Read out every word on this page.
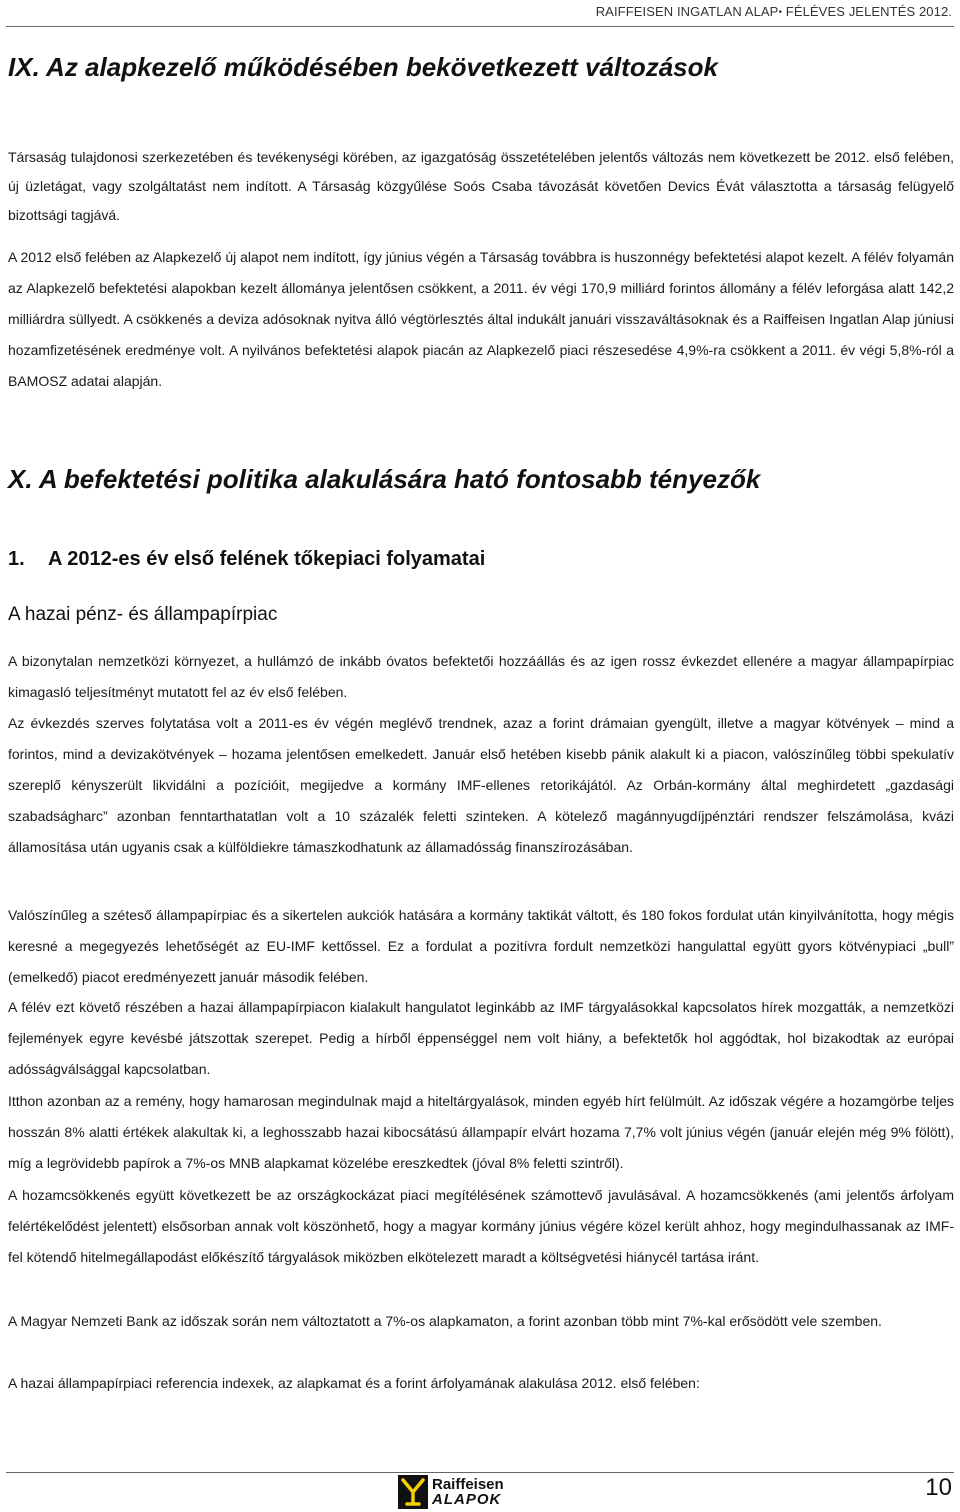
RAIFFEISEN INGATLAN ALAP• FÉLÉVES JELENTÉS 2012.
IX. Az alapkezelő működésében bekövetkezett változások

Társaság tulajdonosi szerkezetében és tevékenységi körében, az igazgatóság összetételében jelentős változás nem következett be 2012. első felében, új üzletágat, vagy szolgáltatást nem indított. A Társaság közgyűlése Soós Csaba távozását követően Devics Évát választotta a társaság felügyelő bizottsági tagjává.

A 2012 első felében az Alapkezelő új alapot nem indított, így június végén a Társaság továbbra is huszonnégy befektetési alapot kezelt. A félév folyamán az Alapkezelő befektetési alapokban kezelt állománya jelentősen csökkent, a 2011. év végi 170,9 milliárd forintos állomány a félév leforgása alatt 142,2 milliárdra süllyedt. A csökkenés a deviza adósoknak nyitva álló végtörlesztés által indukált januári visszaváltásoknak és a Raiffeisen Ingatlan Alap júniusi hozamfizetésének eredménye volt. A nyilvános befektetési alapok piacán az Alapkezelő piaci részesedése 4,9%-ra csökkent a 2011. év végi 5,8%-ról a BAMOSZ adatai alapján.

X. A befektetési politika alakulására ható fontosabb tényezők
1. A 2012-es év első felének tőkepiaci folyamatai
A hazai pénz- és állampapírpiac

A bizonytalan nemzetközi környezet, a hullámzó de inkább óvatos befektetői hozzáállás és az igen rossz évkezdet ellenére a magyar állampapírpiac kimagasló teljesítményt mutatott fel az év első felében.

Az évkezdés szerves folytatása volt a 2011-es év végén meglévő trendnek, azaz a forint drámaian gyengült, illetve a magyar kötvények – mind a forintos, mind a devizakötvények – hozama jelentősen emelkedett. Január első hetében kisebb pánik alakult ki a piacon, valószínűleg többi spekulatív szereplő kényszerült likvidálni a pozícióit, megijedve a kormány IMF-ellenes retorikájától. Az Orbán-kormány által meghirdetett „gazdasági szabadságharc” azonban fenntarthatatlan volt a 10 százalék feletti szinteken. A kötelező magánnyugdíjpénztári rendszer felszámolása, kvázi államosítása után ugyanis csak a külföldiekre támaszkodhatunk az államadósság finanszírozásában.

Valószínűleg a széteső állampapírpiac és a sikertelen aukciók hatására a kormány taktikát váltott, és 180 fokos fordulat után kinyilvánította, hogy mégis keresné a megegyezés lehetőségét az EU-IMF kettőssel. Ez a fordulat a pozitívra fordult nemzetközi hangulattal együtt gyors kötvénypiaci „bull” (emelkedő) piacot eredményezett január második felében.

A félév ezt követő részében a hazai állampapírpiacon kialakult hangulatot leginkább az IMF tárgyalásokkal kapcsolatos hírek mozgatták, a nemzetközi fejlemények egyre kevésbé játszottak szerepet. Pedig a hírből éppenséggel nem volt hiány, a befektetők hol aggódtak, hol bizakodtak az európai adósságválsággal kapcsolatban.

Itthon azonban az a remény, hogy hamarosan megindulnak majd a hiteltárgyalások, minden egyéb hírt felülmúlt. Az időszak végére a hozamgörbe teljes hosszán 8% alatti értékek alakultak ki, a leghosszabb hazai kibocsátású állampapír elvárt hozama 7,7% volt június végén (január elején még 9% fölött), míg a legrövidebb papírok a 7%-os MNB alapkamat közelébe ereszkedtek (jóval 8% feletti szintről).

A hozamcsökkenés együtt következett be az országkockázat piaci megítélésének számottevő javulásával. A hozamcsökkenés (ami jelentős árfolyam felértékelődést jelentett) elsősorban annak volt köszönhető, hogy a magyar kormány június végére közel került ahhoz, hogy megindulhassanak az IMF-fel kötendő hitelmegállapodást előkészítő tárgyalások miközben elkötelezett maradt a költségvetési hiánycél tartása iránt.

A Magyar Nemzeti Bank az időszak során nem változtatott a 7%-os alapkamaton, a forint azonban több mint 7%-kal erősödött vele szemben.

A hazai állampapírpiaci referencia indexek, az alapkamat és a forint árfolyamának alakulása 2012. első felében:

Raiffeisen
ALAPOK	10
